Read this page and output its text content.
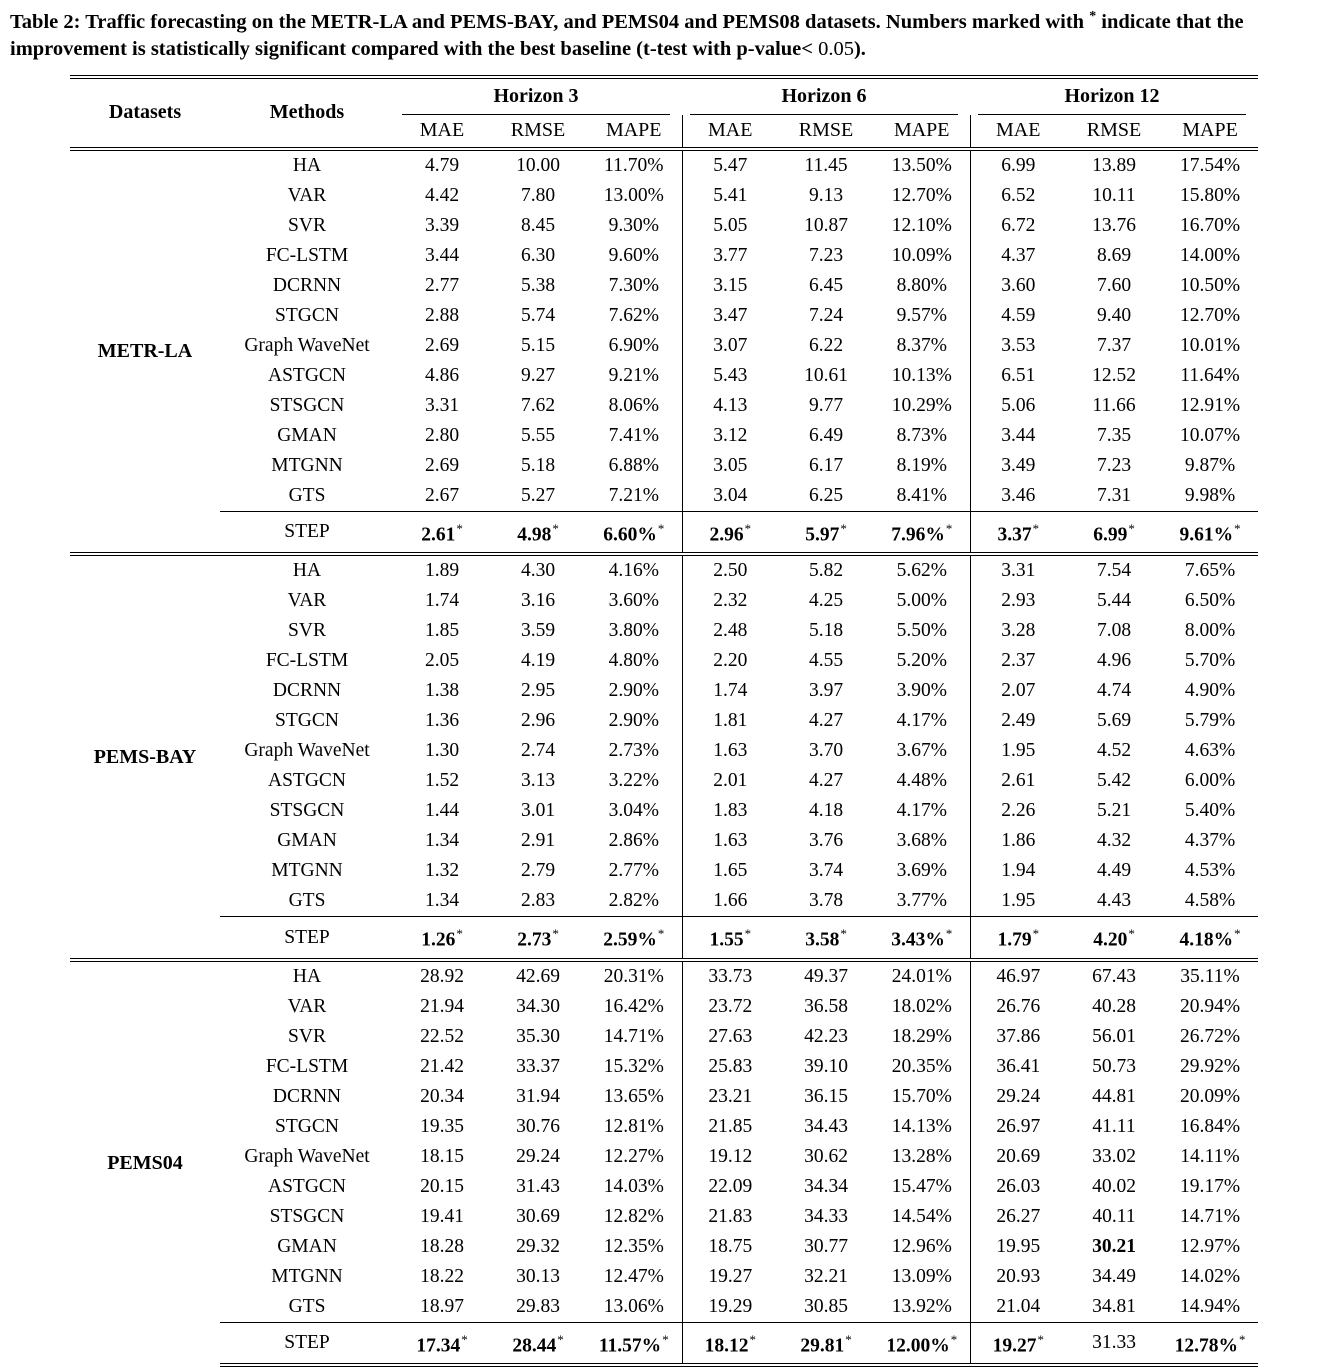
Table 2: Traffic forecasting on the METR-LA and PEMS-BAY, and PEMS04 and PEMS08 datasets. Numbers marked with * indicate that the improvement is statistically significant compared with the best baseline (t-test with p-value< 0.05).

Datasets	Methods	Horizon 3			Horizon 6			Horizon 12		

		MAE	RMSE	MAPE	MAE	RMSE	MAPE	MAE	RMSE	MAPE
METR-LA	HA	4.79	10.00	11.70%	5.47	11.45	13.50%	6.99	13.89	17.54%
	VAR	4.42	7.80	13.00%	5.41	9.13	12.70%	6.52	10.11	15.80%
	SVR	3.39	8.45	9.30%	5.05	10.87	12.10%	6.72	13.76	16.70%
	FC-LSTM	3.44	6.30	9.60%	3.77	7.23	10.09%	4.37	8.69	14.00%
	DCRNN	2.77	5.38	7.30%	3.15	6.45	8.80%	3.60	7.60	10.50%
	STGCN	2.88	5.74	7.62%	3.47	7.24	9.57%	4.59	9.40	12.70%
	Graph WaveNet	2.69	5.15	6.90%	3.07	6.22	8.37%	3.53	7.37	10.01%
	ASTGCN	4.86	9.27	9.21%	5.43	10.61	10.13%	6.51	12.52	11.64%
	STSGCN	3.31	7.62	8.06%	4.13	9.77	10.29%	5.06	11.66	12.91%
	GMAN	2.80	5.55	7.41%	3.12	6.49	8.73%	3.44	7.35	10.07%
	MTGNN	2.69	5.18	6.88%	3.05	6.17	8.19%	3.49	7.23	9.87%
	GTS	2.67	5.27	7.21%	3.04	6.25	8.41%	3.46	7.31	9.98%
	STEP	2.61*	4.98*	6.60%*	2.96*	5.97*	7.96%*	3.37*	6.99*	9.61%*
PEMS-BAY	HA	1.89	4.30	4.16%	2.50	5.82	5.62%	3.31	7.54	7.65%
	VAR	1.74	3.16	3.60%	2.32	4.25	5.00%	2.93	5.44	6.50%
	SVR	1.85	3.59	3.80%	2.48	5.18	5.50%	3.28	7.08	8.00%
	FC-LSTM	2.05	4.19	4.80%	2.20	4.55	5.20%	2.37	4.96	5.70%
	DCRNN	1.38	2.95	2.90%	1.74	3.97	3.90%	2.07	4.74	4.90%
	STGCN	1.36	2.96	2.90%	1.81	4.27	4.17%	2.49	5.69	5.79%
	Graph WaveNet	1.30	2.74	2.73%	1.63	3.70	3.67%	1.95	4.52	4.63%
	ASTGCN	1.52	3.13	3.22%	2.01	4.27	4.48%	2.61	5.42	6.00%
	STSGCN	1.44	3.01	3.04%	1.83	4.18	4.17%	2.26	5.21	5.40%
	GMAN	1.34	2.91	2.86%	1.63	3.76	3.68%	1.86	4.32	4.37%
	MTGNN	1.32	2.79	2.77%	1.65	3.74	3.69%	1.94	4.49	4.53%
	GTS	1.34	2.83	2.82%	1.66	3.78	3.77%	1.95	4.43	4.58%
	STEP	1.26*	2.73*	2.59%*	1.55*	3.58*	3.43%*	1.79*	4.20*	4.18%*
PEMS04	HA	28.92	42.69	20.31%	33.73	49.37	24.01%	46.97	67.43	35.11%
	VAR	21.94	34.30	16.42%	23.72	36.58	18.02%	26.76	40.28	20.94%
	SVR	22.52	35.30	14.71%	27.63	42.23	18.29%	37.86	56.01	26.72%
	FC-LSTM	21.42	33.37	15.32%	25.83	39.10	20.35%	36.41	50.73	29.92%
	DCRNN	20.34	31.94	13.65%	23.21	36.15	15.70%	29.24	44.81	20.09%
	STGCN	19.35	30.76	12.81%	21.85	34.43	14.13%	26.97	41.11	16.84%
	Graph WaveNet	18.15	29.24	12.27%	19.12	30.62	13.28%	20.69	33.02	14.11%
	ASTGCN	20.15	31.43	14.03%	22.09	34.34	15.47%	26.03	40.02	19.17%
	STSGCN	19.41	30.69	12.82%	21.83	34.33	14.54%	26.27	40.11	14.71%
	GMAN	18.28	29.32	12.35%	18.75	30.77	12.96%	19.95	30.21	12.97%
	MTGNN	18.22	30.13	12.47%	19.27	32.21	13.09%	20.93	34.49	14.02%
	GTS	18.97	29.83	13.06%	19.29	30.85	13.92%	21.04	34.81	14.94%
	STEP	17.34*	28.44*	11.57%*	18.12*	29.81*	12.00%*	19.27*	31.33	12.78%*
